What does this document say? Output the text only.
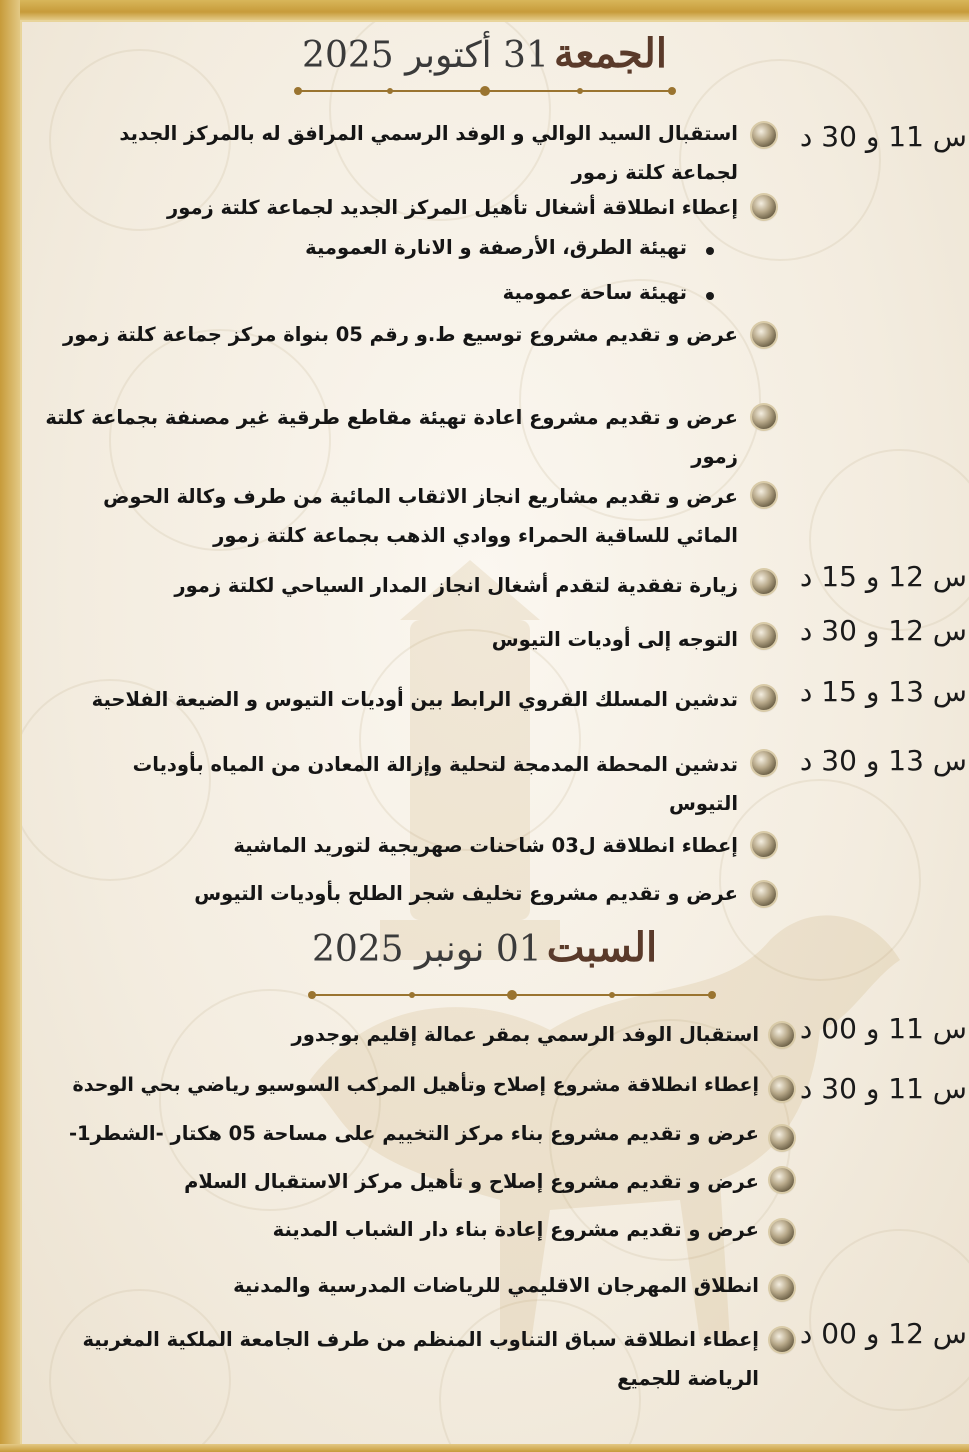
الجمعة 31 أكتوبر 2025
س 11 و 30 د
س 12 و 15 د
س 12 و 30 د
س 13 و 15 د
س 13 و 30 د
استقبال السيد الوالي و الوفد الرسمي المرافق له بالمركز الجديد لجماعة كلتة زمور
إعطاء انطلاقة أشغال تأهيل المركز الجديد لجماعة كلتة زمور
تهيئة الطرق، الأرصفة و الانارة العمومية
تهيئة ساحة عمومية
عرض و تقديم مشروع توسيع ط.و رقم 05 بنواة مركز جماعة كلتة زمور
عرض و تقديم مشروع اعادة تهيئة مقاطع طرقية غير مصنفة بجماعة كلتة زمور
عرض و تقديم مشاريع انجاز الاثقاب المائية من طرف وكالة الحوض المائي للساقية الحمراء ووادي الذهب بجماعة كلتة زمور
زيارة تفقدية لتقدم أشغال انجاز المدار السياحي لكلتة زمور
التوجه إلى أوديات التيوس
تدشين المسلك القروي الرابط بين أوديات التيوس و الضيعة الفلاحية
تدشين المحطة المدمجة لتحلية وإزالة المعادن من المياه بأوديات التيوس
إعطاء انطلاقة ل03 شاحنات صهريجية لتوريد الماشية
عرض و تقديم مشروع تخليف شجر الطلح بأوديات التيوس
السبت 01 نونبر 2025
س 11 و 00 د
س 11 و 30 د
س 12 و 00 د
استقبال الوفد الرسمي بمقر عمالة إقليم بوجدور
إعطاء انطلاقة مشروع إصلاح وتأهيل المركب السوسيو رياضي بحي الوحدة
عرض و تقديم مشروع بناء مركز التخييم على مساحة 05 هكتار -الشطر1-
عرض و تقديم مشروع إصلاح و تأهيل مركز الاستقبال السلام
عرض و تقديم مشروع إعادة بناء دار الشباب المدينة
انطلاق المهرجان الاقليمي للرياضات المدرسية والمدنية
إعطاء انطلاقة سباق التناوب المنظم من طرف الجامعة الملكية المغربية الرياضة للجميع
